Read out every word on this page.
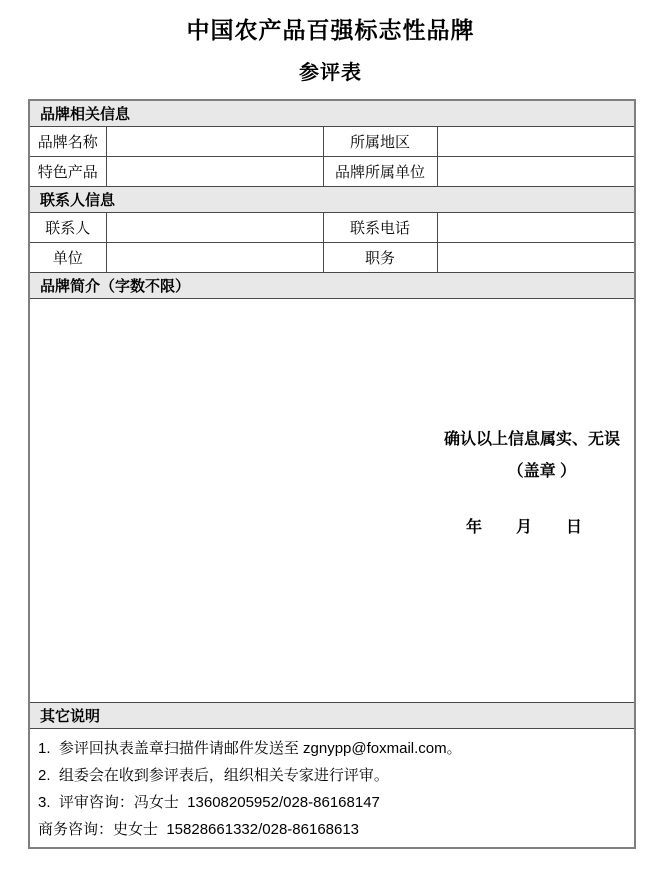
中国农产品百强标志性品牌
参评表
品牌相关信息			
品牌名称		所属地区	
特色产品		品牌所属单位	
联系人信息			
联系人		联系电话	
单位		职务	
品牌简介（字数不限）			

确认以上信息属实、无误
（盖章 ）
年 月 日			

其它说明			

1.  参评回执表盖章扫描件请邮件发送至 zgnypp@foxmail.com。
2.  组委会在收到参评表后，组织相关专家进行评审。
3.  评审咨询：冯女士  13608205952/028-86168147
商务咨询：史女士  15828661332/028-86168613			
